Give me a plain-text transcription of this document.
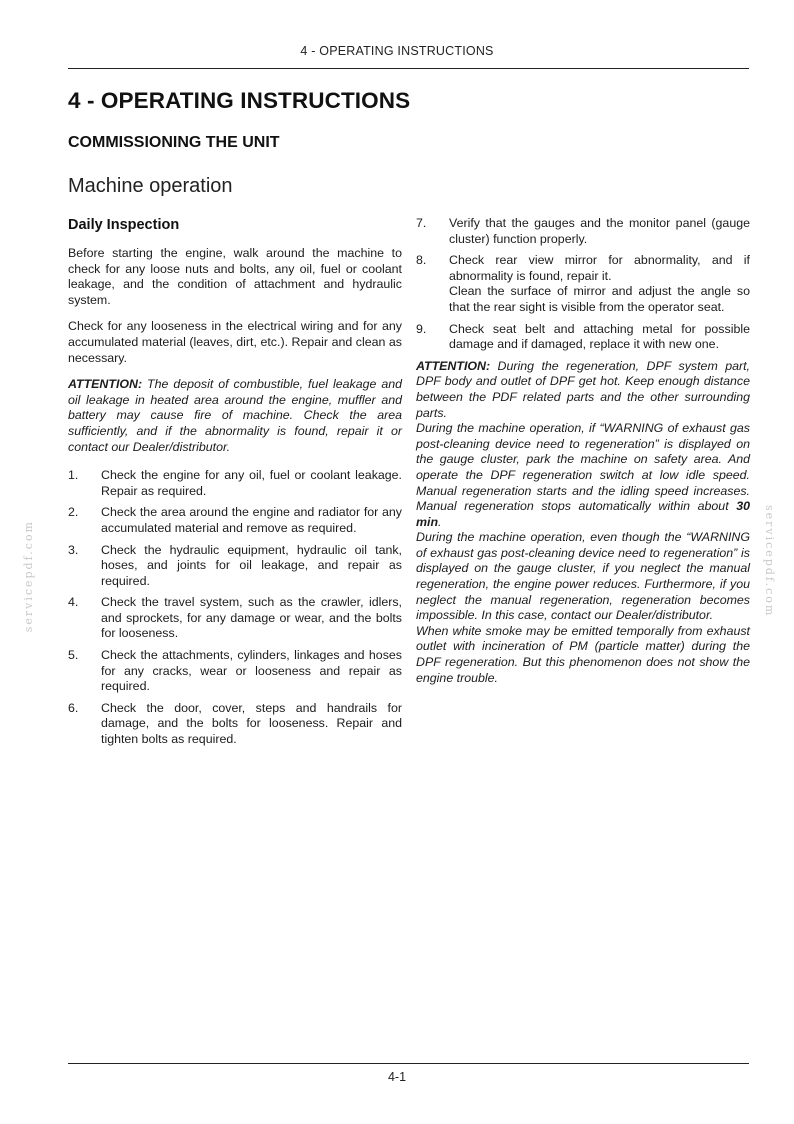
4 - OPERATING INSTRUCTIONS
4 - OPERATING INSTRUCTIONS
COMMISSIONING THE UNIT
Machine operation
Daily Inspection

Before starting the engine, walk around the machine to check for any loose nuts and bolts, any oil, fuel or coolant leakage, and the condition of attachment and hydraulic system.

Check for any looseness in the electrical wiring and for any accumulated material (leaves, dirt, etc.). Repair and clean as necessary.

ATTENTION: The deposit of combustible, fuel leakage and oil leakage in heated area around the engine, muffler and battery may cause fire of machine. Check the area sufficiently, and if the abnormality is found, repair it or contact our Dealer/distributor.

1.	Check the engine for any oil, fuel or coolant leakage. Repair as required.
2.	Check the area around the engine and radiator for any accumulated material and remove as required.
3.	Check the hydraulic equipment, hydraulic oil tank, hoses, and joints for oil leakage, and repair as required.
4.	Check the travel system, such as the crawler, idlers, and sprockets, for any damage or wear, and the bolts for looseness.
5.	Check the attachments, cylinders, linkages and hoses for any cracks, wear or looseness and repair as required.
6.	Check the door, cover, steps and handrails for damage, and the bolts for looseness. Repair and tighten bolts as required.
7.	Verify that the gauges and the monitor panel (gauge cluster) function properly.
8.	Check rear view mirror for abnormality, and if abnormality is found, repair it.
Clean the surface of mirror and adjust the angle so that the rear sight is visible from the operator seat.
9.	Check seat belt and attaching metal for possible damage and if damaged, replace it with new one.

ATTENTION: During the regeneration, DPF system part, DPF body and outlet of DPF get hot. Keep enough distance between the PDF related parts and the other surrounding parts.

During the machine operation, if “WARNING of exhaust gas post-cleaning device need to regeneration” is displayed on the gauge cluster, park the machine on safety area. And operate the DPF regeneration switch at low idle speed. Manual regeneration starts and the idling speed increases. Manual regeneration stops automatically within about 30 min.

During the machine operation, even though the “WARNING of exhaust gas post-cleaning device need to regeneration” is displayed on the gauge cluster, if you neglect the manual regeneration, the engine power reduces. Furthermore, if you neglect the manual regeneration, regeneration becomes impossible. In this case, contact our Dealer/distributor.

When white smoke may be emitted temporally from exhaust outlet with incineration of PM (particle matter) during the DPF regeneration. But this phenomenon does not show the engine trouble.

servicepdf.com	servicepdf.com
4-1
